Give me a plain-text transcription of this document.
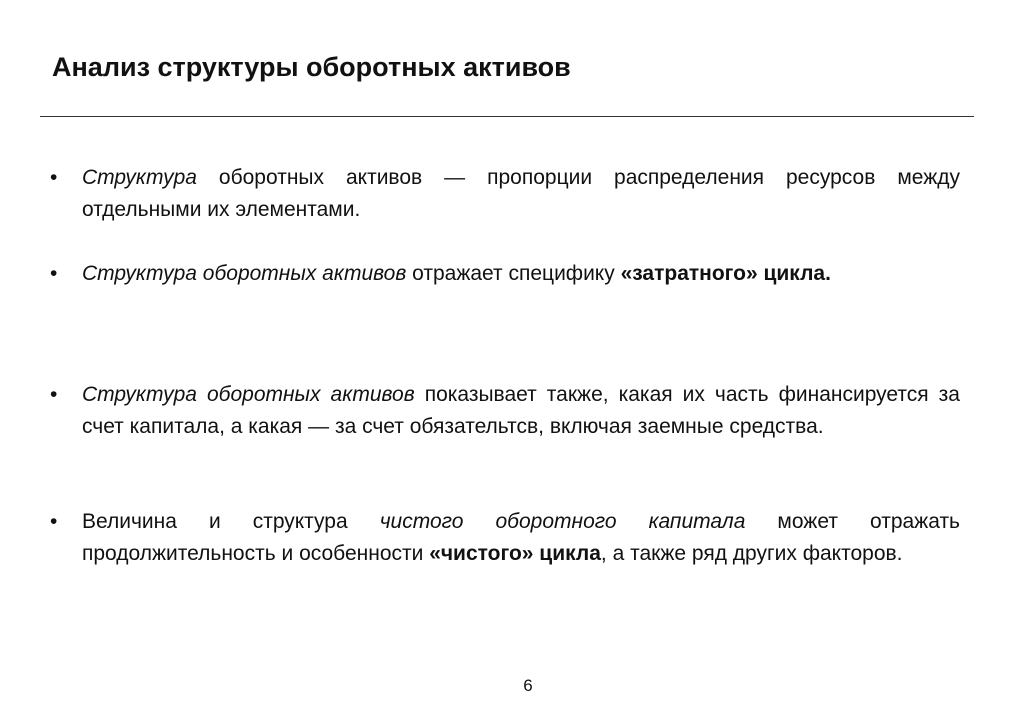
Анализ структуры оборотных активов
•	Структура оборотных активов — пропорции распределения ресурсов между отдельными их элементами.
•	Структура оборотных активов отражает специфику «затратного» цикла.
•	Структура оборотных активов показывает также, какая их часть финансируется за счет капитала, а какая — за счет обязательтсв, включая заемные средства.
•	Величина и структура чистого оборотного капитала может отражать продолжительность и особенности «чистого» цикла, а также ряд других факторов.
6
